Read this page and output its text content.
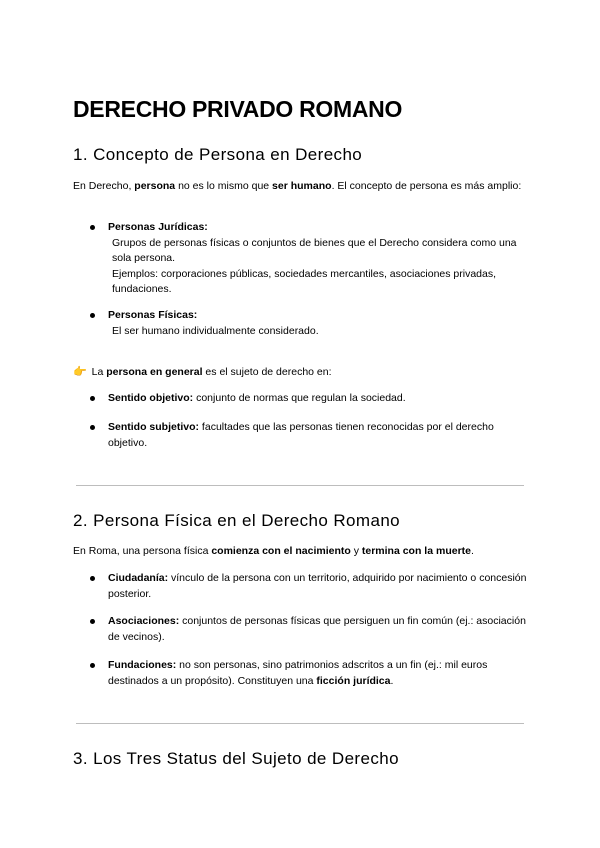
DERECHO PRIVADO ROMANO
1. Concepto de Persona en Derecho

En Derecho, persona no es lo mismo que ser humano. El concepto de persona es más amplio:

Personas Jurídicas:
Grupos de personas físicas o conjuntos de bienes que el Derecho considera como una sola persona.
Ejemplos: corporaciones públicas, sociedades mercantiles, asociaciones privadas, fundaciones.
Personas Físicas:
El ser humano individualmente considerado.

👉 La persona en general es el sujeto de derecho en:

Sentido objetivo: conjunto de normas que regulan la sociedad.
Sentido subjetivo: facultades que las personas tienen reconocidas por el derecho objetivo.
2. Persona Física en el Derecho Romano

En Roma, una persona física comienza con el nacimiento y termina con la muerte.

Ciudadanía: vínculo de la persona con un territorio, adquirido por nacimiento o concesión posterior.
Asociaciones: conjuntos de personas físicas que persiguen un fin común (ej.: asociación de vecinos).
Fundaciones: no son personas, sino patrimonios adscritos a un fin (ej.: mil euros destinados a un propósito). Constituyen una ficción jurídica.
3. Los Tres Status del Sujeto de Derecho
